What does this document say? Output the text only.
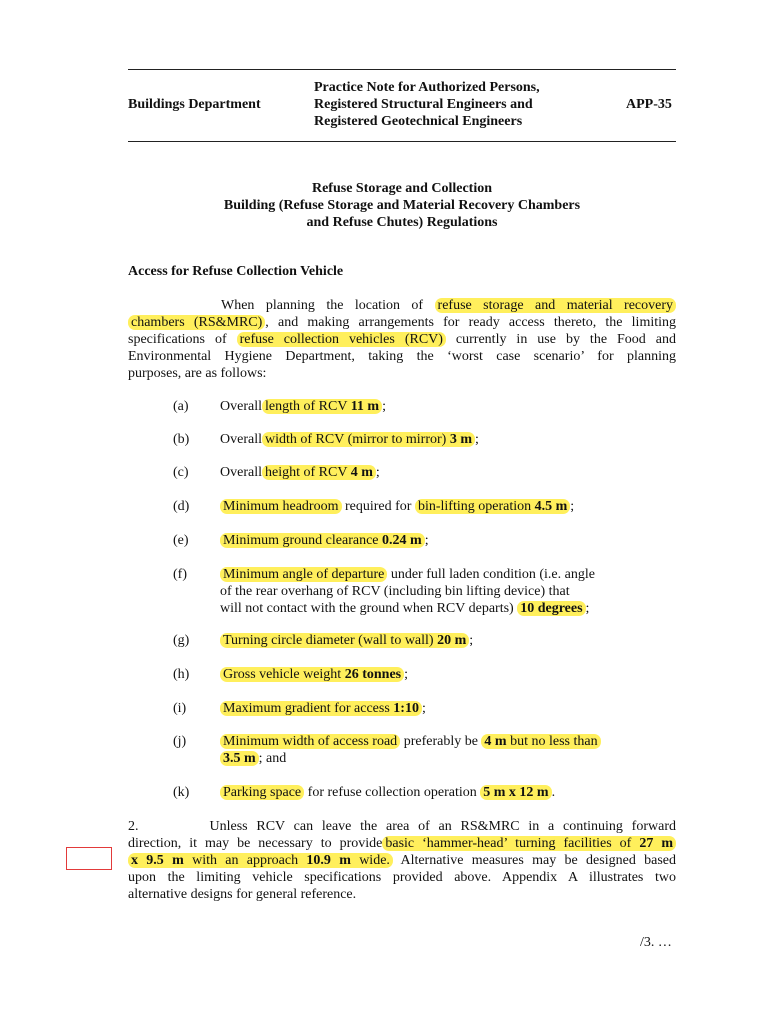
Buildings Department
Practice Note for Authorized Persons,
Registered Structural Engineers and
Registered Geotechnical Engineers
APP-35
Refuse Storage and Collection
Building (Refuse Storage and Material Recovery Chambers
and Refuse Chutes) Regulations
Access for Refuse Collection Vehicle
When planning the location of refuse storage and material recovery
chambers (RS&MRC) , and making arrangements for ready access thereto, the limiting
specifications of refuse collection vehicles (RCV) currently in use by the Food and
Environmental Hygiene Department, taking the ‘worst case scenario’ for planning
purposes, are as follows:
(a) Overall length of RCV 11 m ;
(b) Overall width of RCV (mirror to mirror) 3 m ;
(c) Overall height of RCV 4 m ;
(d) Minimum headroom required for bin-lifting operation 4.5 m ;
(e) Minimum ground clearance 0.24 m ;
(f)	Minimum angle of departure under full laden condition (i.e. angle
of the rear overhang of RCV (including bin lifting device) that
will not contact with the ground when RCV departs) 10 degrees ;
(g) Turning circle diameter (wall to wall) 20 m ;
(h) Gross vehicle weight 26 tonnes ;
(i)	Maximum gradient for access 1:10 ;
(j)	Minimum width of access road preferably be 4 m but no less than
3.5 m ; and
(k) Parking space for refuse collection operation 5 m x 12 m .
2.	Unless RCV can leave the area of an RS&MRC in a continuing forward
direction, it may be necessary to provide basic ‘hammer-head’ turning facilities of 27 m
x 9.5 m with an approach 10.9 m wide. Alternative measures may be designed based
upon the limiting vehicle specifications provided above. Appendix A illustrates two
alternative designs for general reference.
/3. …
